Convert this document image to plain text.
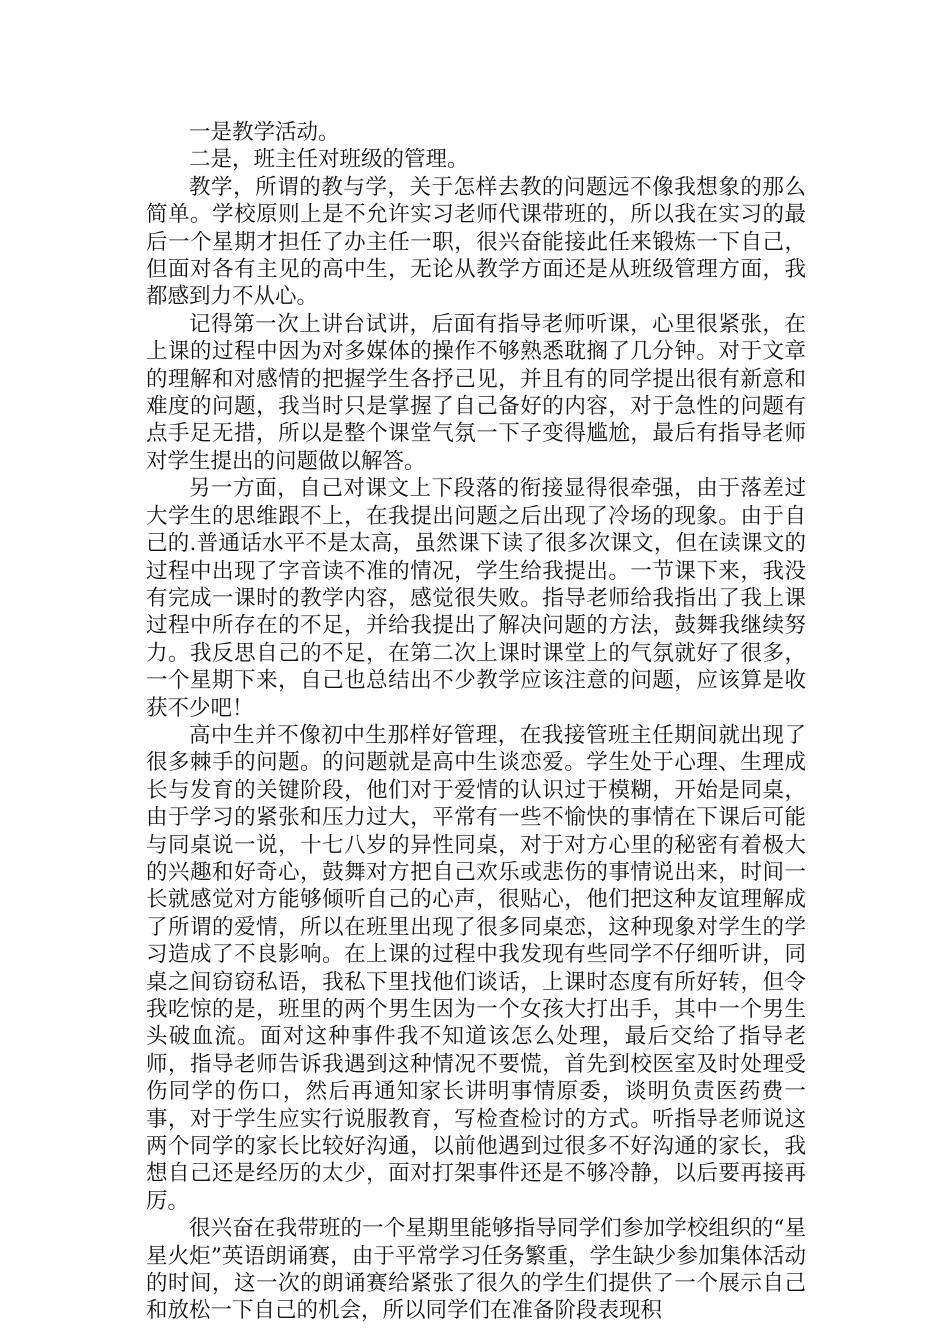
一是教学活动。

二是，班主任对班级的管理。

教学，所谓的教与学，关于怎样去教的问题远不像我想象的那么简单。学校原则上是不允许实习老师代课带班的，所以我在实习的最后一个星期才担任了办主任一职，很兴奋能接此任来锻炼一下自己，但面对各有主见的高中生，无论从教学方面还是从班级管理方面，我都感到力不从心。

记得第一次上讲台试讲，后面有指导老师听课，心里很紧张，在上课的过程中因为对多媒体的操作不够熟悉耽搁了几分钟。对于文章的理解和对感情的把握学生各抒己见，并且有的同学提出很有新意和难度的问题，我当时只是掌握了自己备好的内容，对于急性的问题有点手足无措，所以是整个课堂气氛一下子变得尴尬，最后有指导老师对学生提出的问题做以解答。

另一方面，自己对课文上下段落的衔接显得很牵强，由于落差过大学生的思维跟不上，在我提出问题之后出现了冷场的现象。由于自己的.普通话水平不是太高，虽然课下读了很多次课文，但在读课文的过程中出现了字音读不准的情况，学生给我提出。一节课下来，我没有完成一课时的教学内容，感觉很失败。指导老师给我指出了我上课过程中所存在的不足，并给我提出了解决问题的方法，鼓舞我继续努力。我反思自己的不足，在第二次上课时课堂上的气氛就好了很多，一个星期下来，自己也总结出不少教学应该注意的问题，应该算是收获不少吧！

高中生并不像初中生那样好管理，在我接管班主任期间就出现了很多棘手的问题。的问题就是高中生谈恋爱。学生处于心理、生理成长与发育的关键阶段，他们对于爱情的认识过于模糊，开始是同桌，由于学习的紧张和压力过大，平常有一些不愉快的事情在下课后可能与同桌说一说，十七八岁的异性同桌，对于对方心里的秘密有着极大的兴趣和好奇心，鼓舞对方把自己欢乐或悲伤的事情说出来，时间一长就感觉对方能够倾听自己的心声，很贴心，他们把这种友谊理解成了所谓的爱情，所以在班里出现了很多同桌恋，这种现象对学生的学习造成了不良影响。在上课的过程中我发现有些同学不仔细听讲，同桌之间窃窃私语，我私下里找他们谈话，上课时态度有所好转，但令我吃惊的是，班里的两个男生因为一个女孩大打出手，其中一个男生头破血流。面对这种事件我不知道该怎么处理，最后交给了指导老师，指导老师告诉我遇到这种情况不要慌，首先到校医室及时处理受伤同学的伤口，然后再通知家长讲明事情原委，谈明负责医药费一事，对于学生应实行说服教育，写检查检讨的方式。听指导老师说这两个同学的家长比较好沟通，以前他遇到过很多不好沟通的家长，我想自己还是经历的太少，面对打架事件还是不够冷静，以后要再接再厉。

很兴奋在我带班的一个星期里能够指导同学们参加学校组织的“星星火炬”英语朗诵赛，由于平常学习任务繁重，学生缺少参加集体活动的时间，这一次的朗诵赛给紧张了很久的学生们提供了一个展示自己和放松一下自己的机会，所以同学们在准备阶段表现积
